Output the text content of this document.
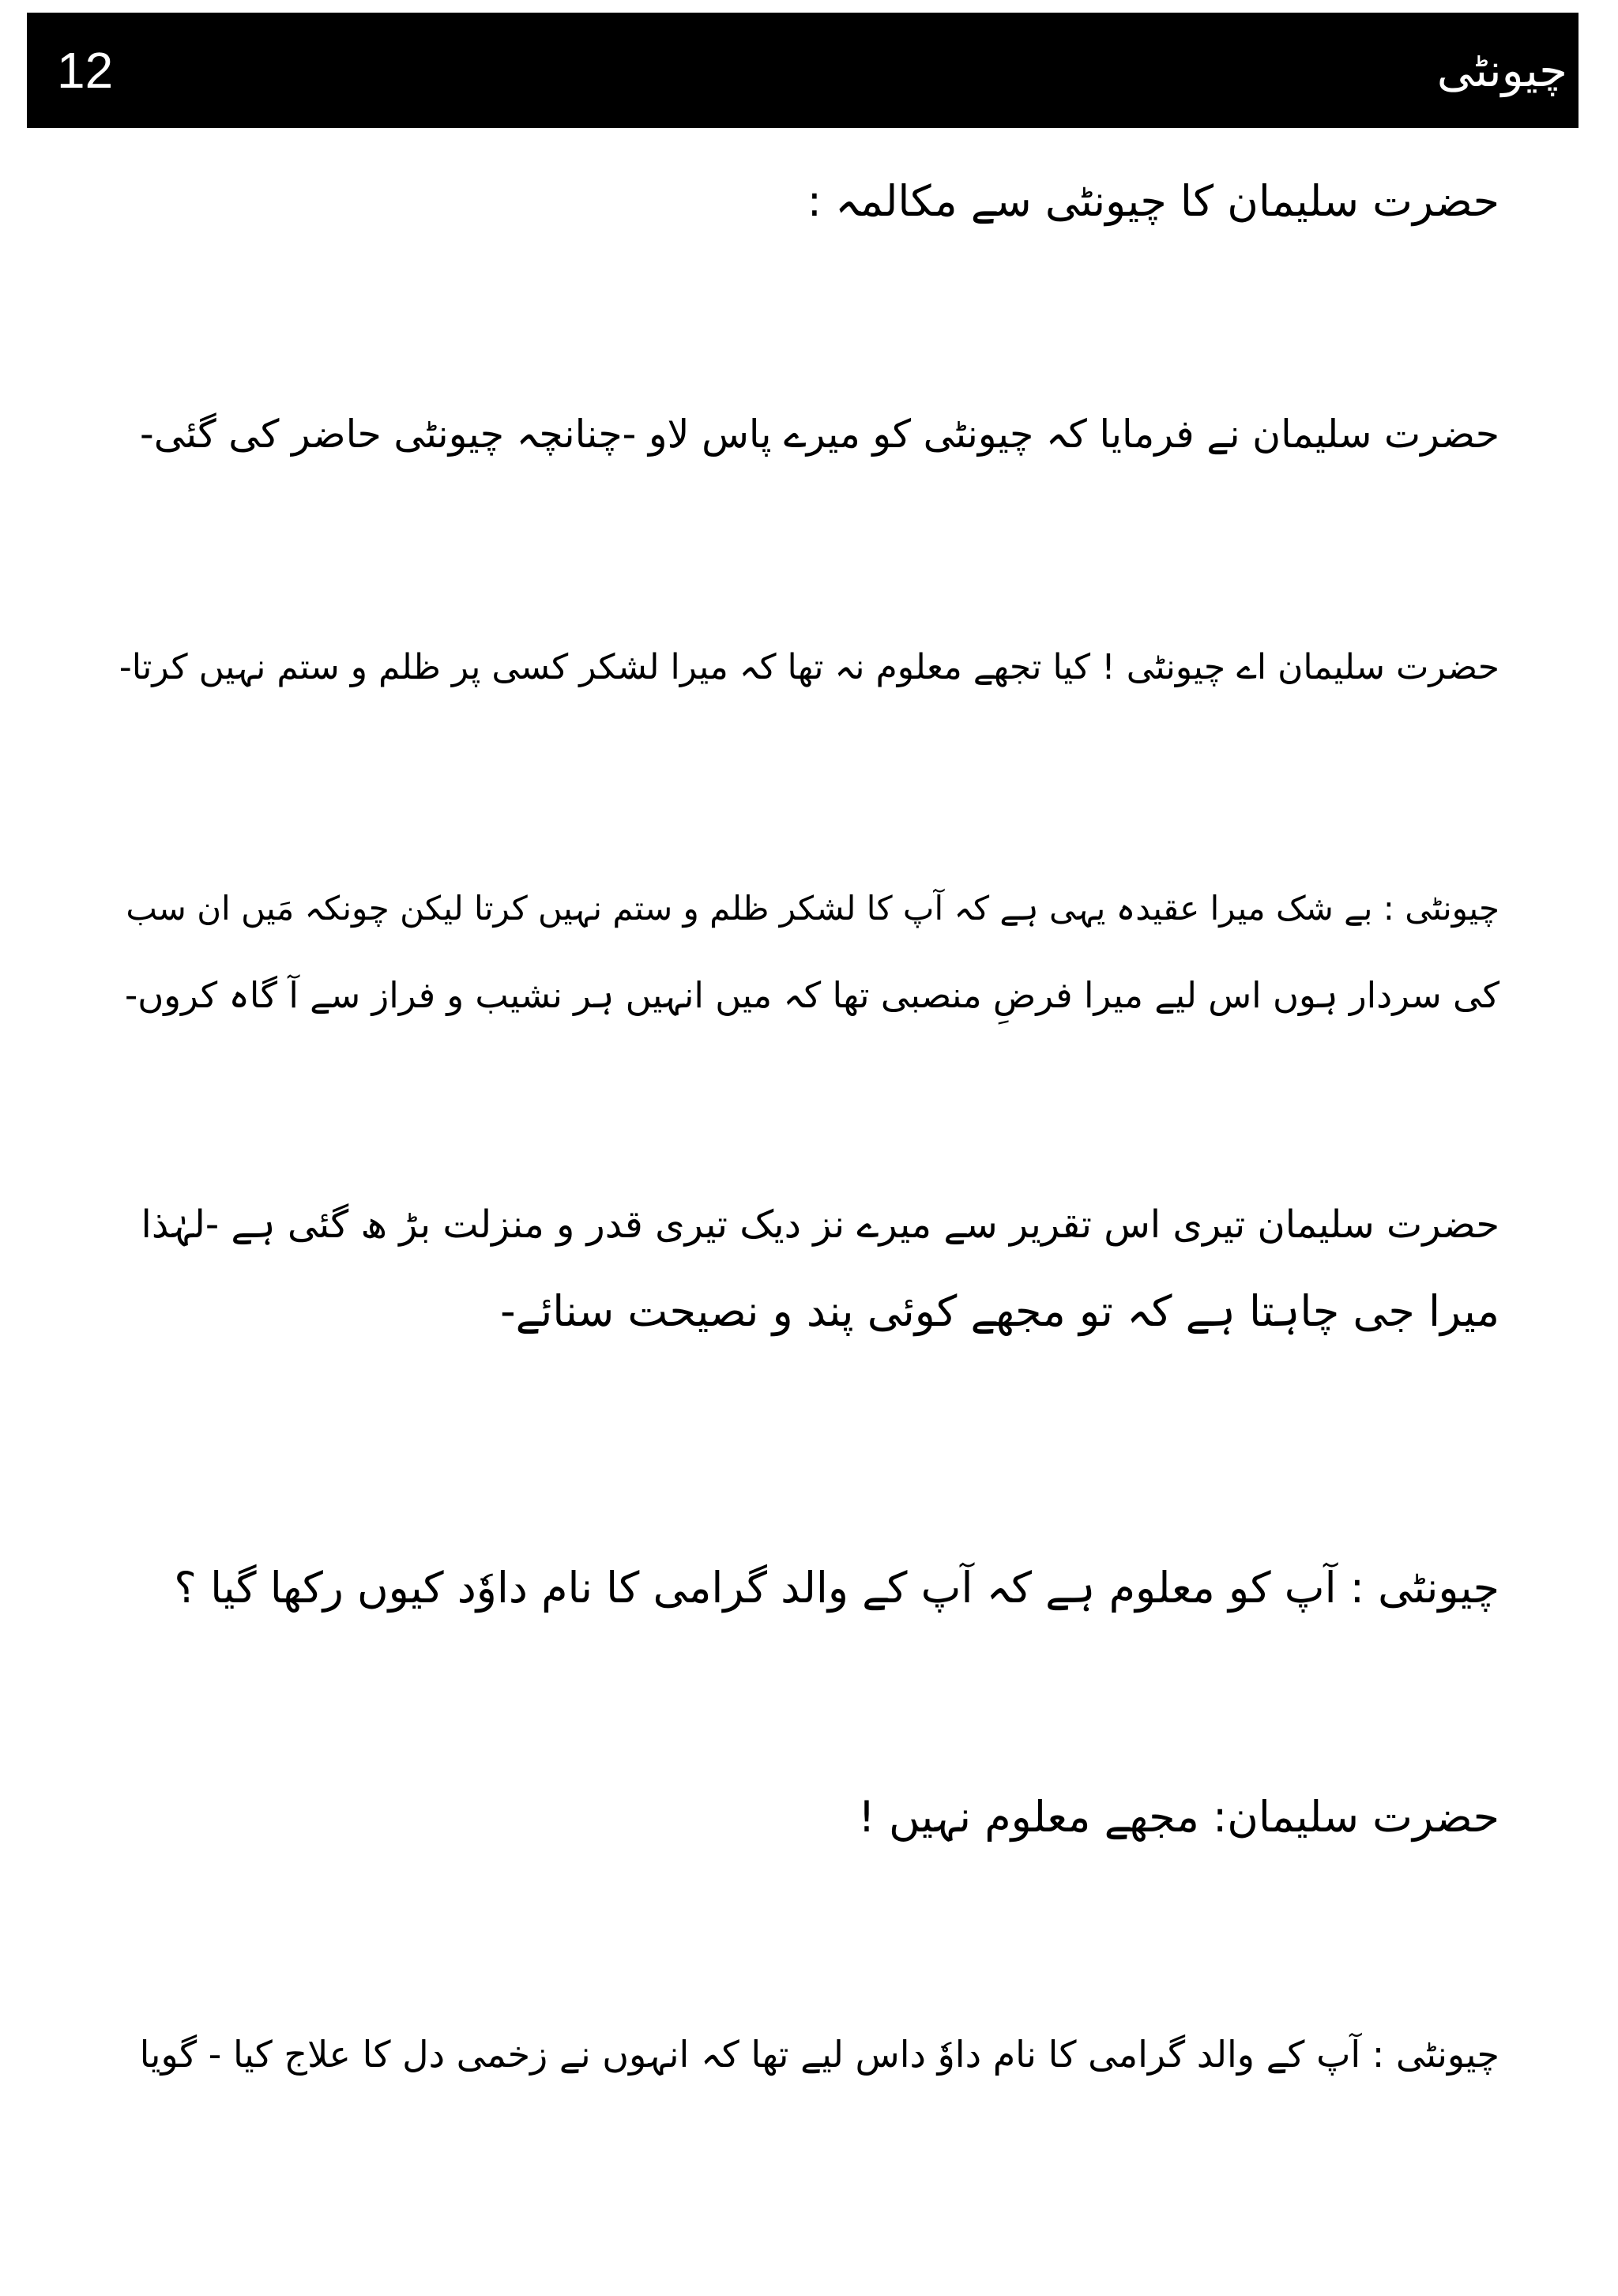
12	چیونٹی

حضرت سلیمان کا چیونٹی سے مکالمہ :

حضرت سلیمان نے فرمایا کہ چیونٹی کو میرے پاس لاو -چنانچہ چیونٹی حاضر کی گئی-

حضرت سلیمان اے چیونٹی ! کیا تجھے معلوم نہ تھا کہ میرا لشکر کسی پر ظلم و ستم نہیں کرتا-

چیونٹی : بے شک میرا عقیدہ یہی ہے کہ آپ کا لشکر ظلم و ستم نہیں کرتا لیکن چونکہ مَیں ان سب
کی سردار ہوں اس لیے میرا فرضِ منصبی تھا کہ میں انہیں ہر نشیب و فراز سے آ گاہ کروں-

حضرت سلیمان تیری اس تقریر سے میرے نز دیک تیری قدر و منزلت بڑ ھ گئی ہے -لہٰذا
میرا جی چاہتا ہے کہ تو مجھے کوئی پند و نصیحت سنائے-

چیونٹی : آپ کو معلوم ہے کہ آپ کے والد گرامی کا نام داوٗد کیوں رکھا گیا ؟

حضرت سلیمان: مجھے معلوم نہیں !

چیونٹی : آپ کے والد گرامی کا نام داوٗ داس لیے تھا کہ انہوں نے زخمی دل کا علاج کیا - گویا
